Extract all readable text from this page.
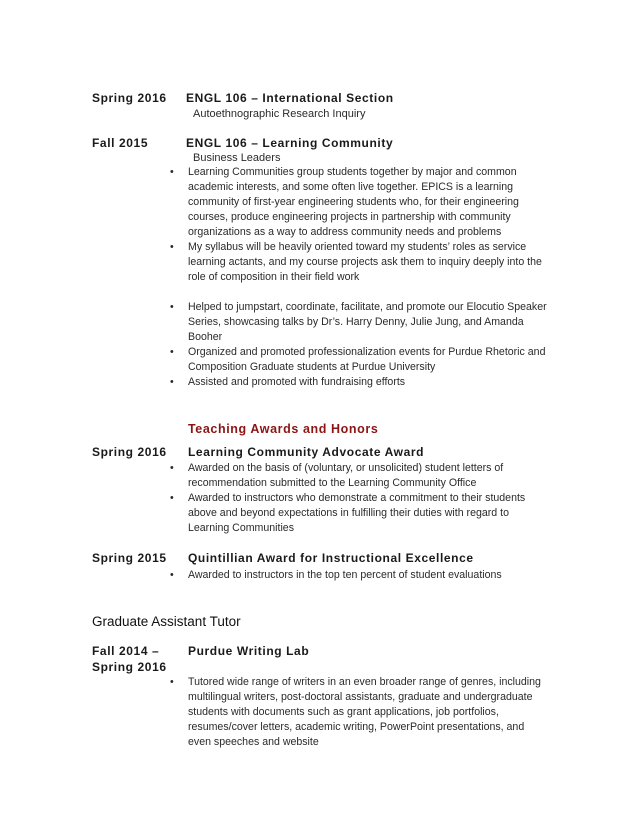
Spring 2016 ENGL 106 – International Section
Autoethnographic Research Inquiry
Fall 2015	ENGL 106 – Learning Community
Business Leaders
• Learning Communities group students together by major and common academic interests, and some often live together. EPICS is a learning community of first-year engineering students who, for their engineering courses, produce engineering projects in partnership with community organizations as a way to address community needs and problems
• My syllabus will be heavily oriented toward my students’ roles as service learning actants, and my course projects ask them to inquiry deeply into the role of composition in their field work
• Helped to jumpstart, coordinate, facilitate, and promote our Elocutio Speaker Series, showcasing talks by Dr’s. Harry Denny, Julie Jung, and Amanda Booher
• Organized and promoted professionalization events for Purdue Rhetoric and Composition Graduate students at Purdue University
• Assisted and promoted with fundraising efforts
Teaching Awards and Honors
Spring 2016 Learning Community Advocate Award
• Awarded on the basis of (voluntary, or unsolicited) student letters of recommendation submitted to the Learning Community Office
• Awarded to instructors who demonstrate a commitment to their students above and beyond expectations in fulfilling their duties with regard to Learning Communities
Spring 2015 Quintillian Award for Instructional Excellence
• Awarded to instructors in the top ten percent of student evaluations
Graduate Assistant Tutor
Fall 2014 –
Spring 2016
Purdue Writing Lab
• Tutored wide range of writers in an even broader range of genres, including multilingual writers, post-doctoral assistants, graduate and undergraduate students with documents such as grant applications, job portfolios, resumes/cover letters, academic writing, PowerPoint presentations, and even speeches and website
